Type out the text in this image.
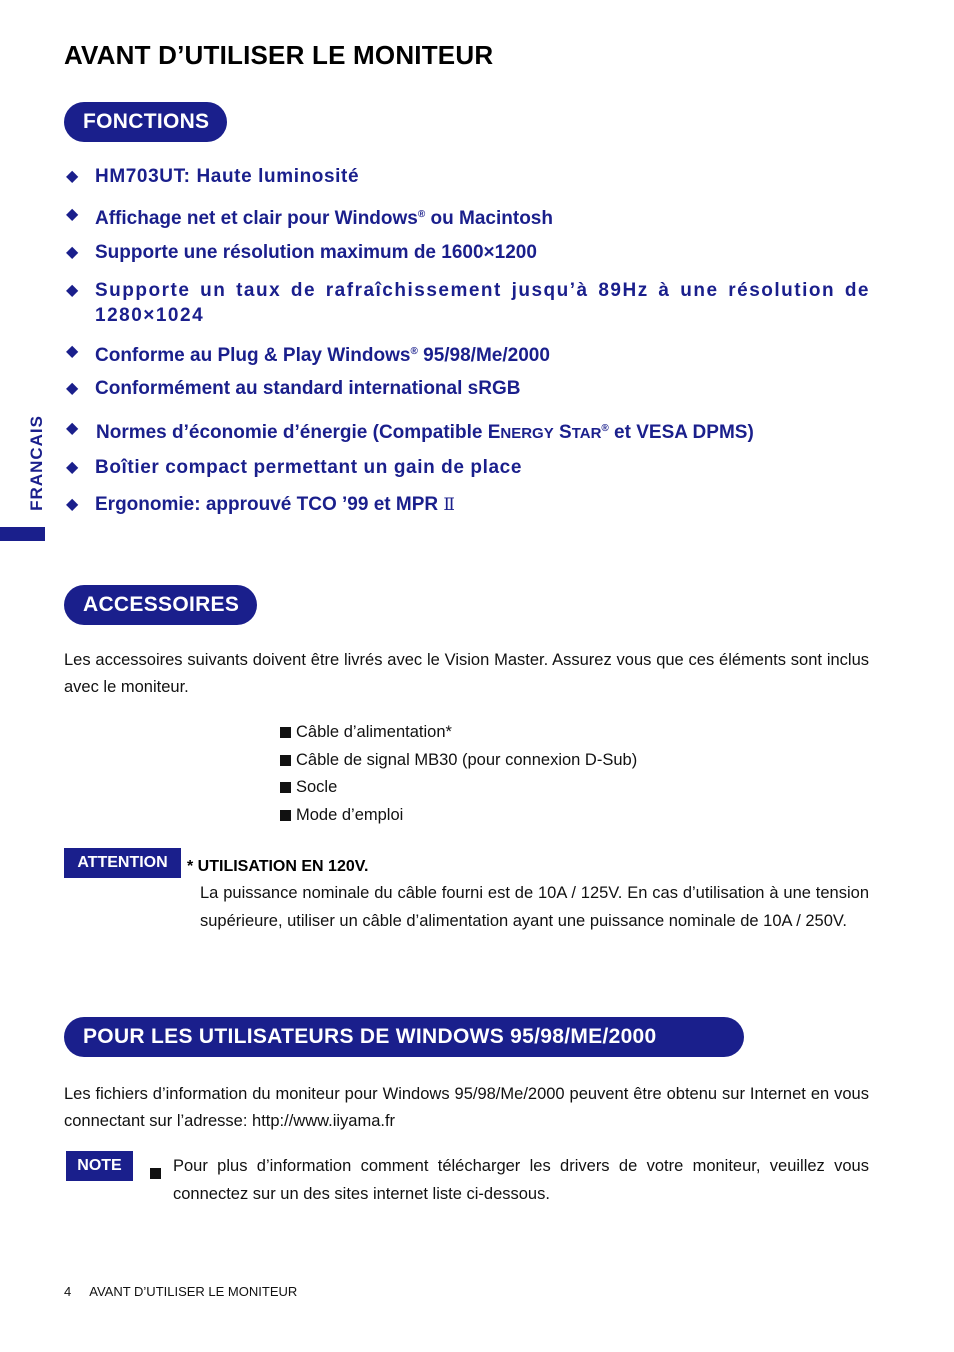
AVANT D’UTILISER LE MONITEUR
FRANCAIS
FONCTIONS
◆ HM703UT: Haute luminosité
◆ Affichage net et clair pour Windows® ou Macintosh
◆ Supporte une résolution maximum de 1600×1200
◆ Supporte un taux de rafraîchissement jusqu’à 89Hz à une résolution de 1280×1024
◆ Conforme au Plug & Play Windows® 95/98/Me/2000
◆ Conformément au standard international sRGB
◆ Normes d’économie d’énergie (Compatible ENERGY STAR® et VESA DPMS)
◆ Boîtier compact permettant un gain de place
◆ Ergonomie: approuvé TCO ’99 et MPR Ⅱ
ACCESSOIRES
Les accessoires suivants doivent être livrés avec le Vision Master. Assurez vous que ces éléments sont inclus avec le moniteur.
Câble d’alimentation*
Câble de signal MB30 (pour connexion D-Sub)
Socle
Mode d’emploi
ATTENTION	* UTILISATION EN 120V.
La puissance nominale du câble fourni est de 10A / 125V. En cas d’utilisation à une tension supérieure, utiliser un câble d’alimentation ayant une puissance nominale de 10A / 250V.
POUR LES UTILISATEURS DE WINDOWS 95/98/ME/2000
Les fichiers d’information du moniteur pour Windows 95/98/Me/2000 peuvent être obtenu sur Internet en vous connectant sur l’adresse: http://www.iiyama.fr
NOTE	Pour plus d’information comment télécharger les drivers de votre moniteur, veuillez vous connectez sur un des sites internet liste ci-dessous.
4 AVANT D’UTILISER LE MONITEUR
